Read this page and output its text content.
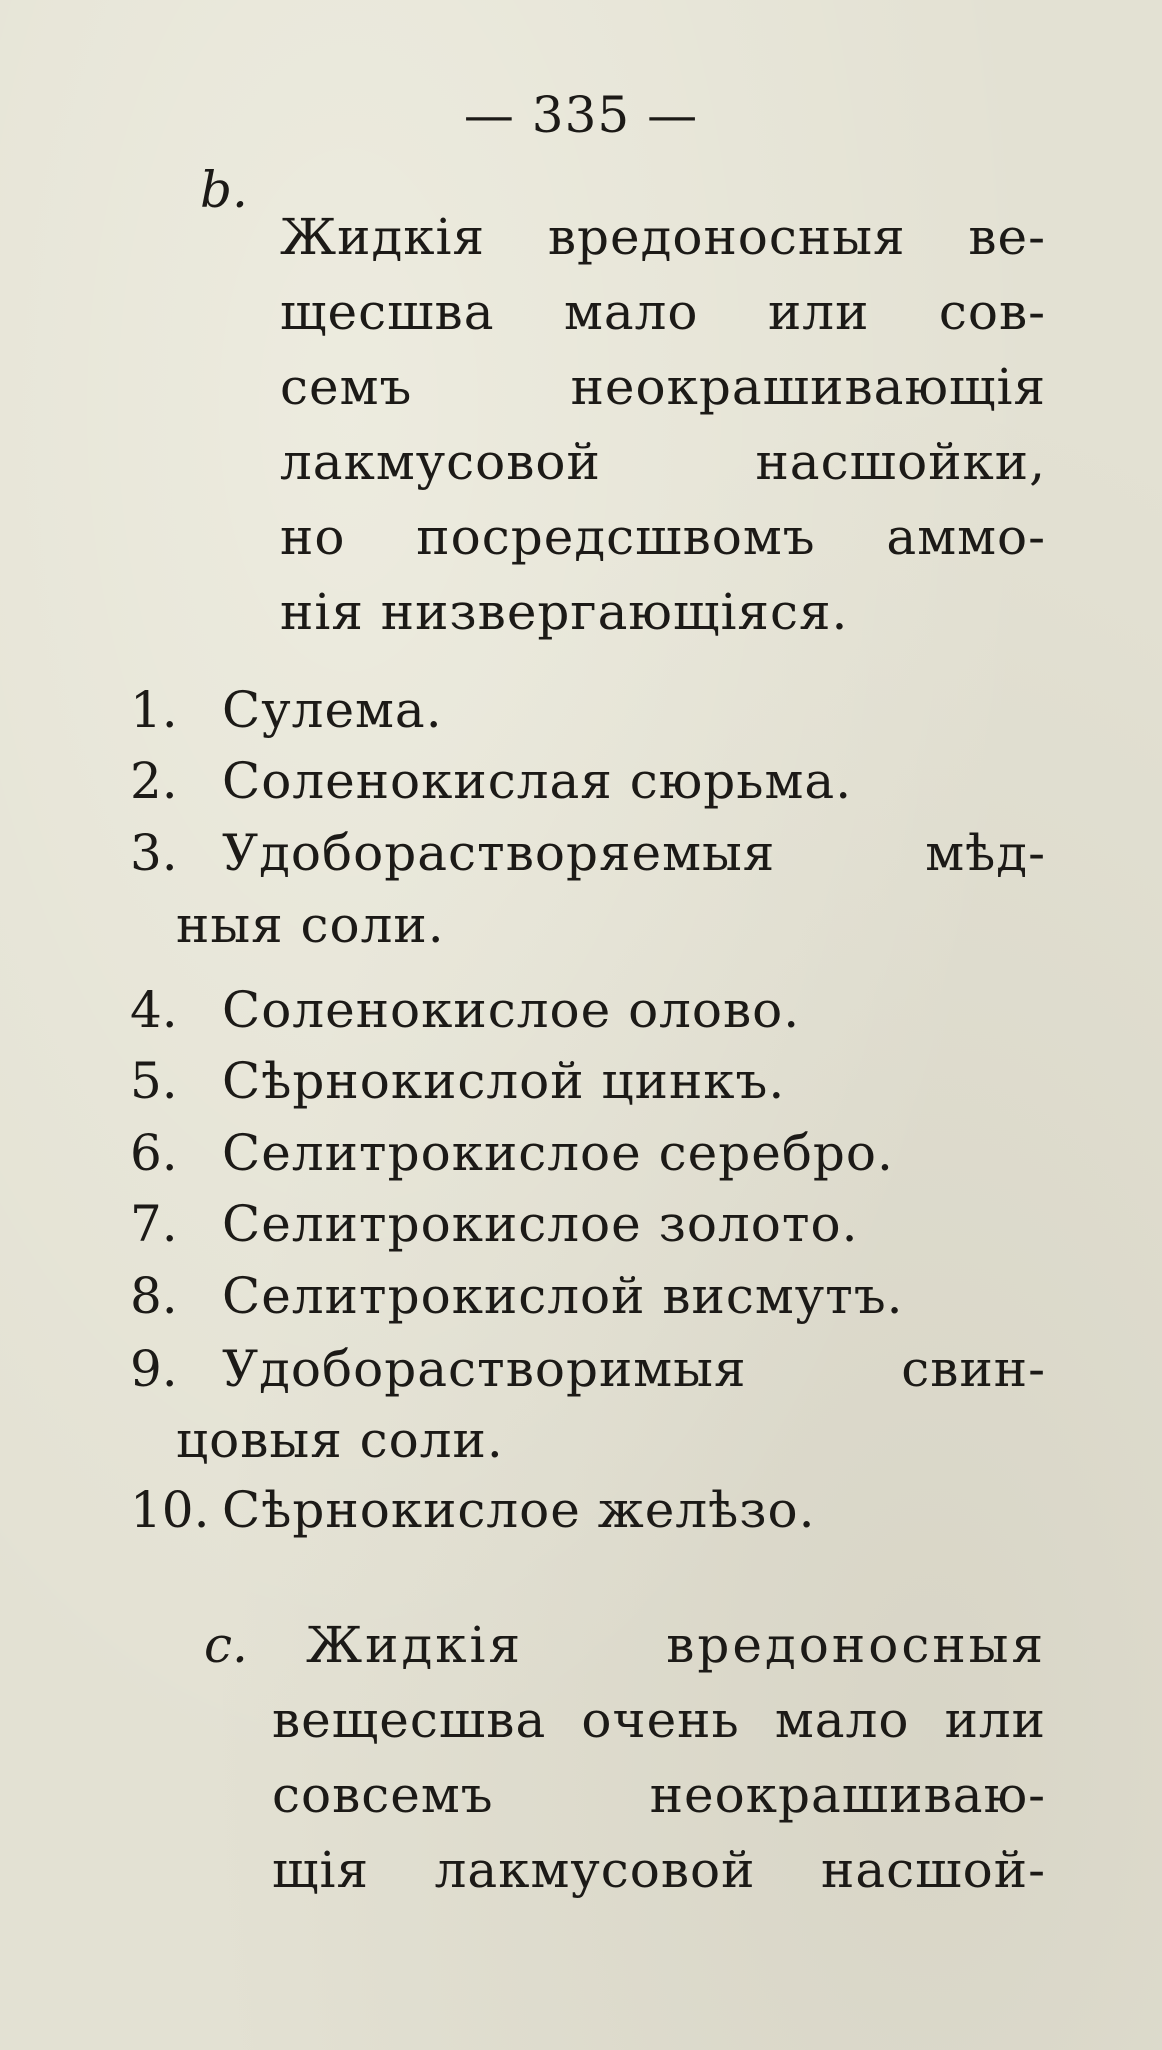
— 335 —
b.
Жидкія вредоносныя ве-
щесшва мало или сов-
семъ неокрашивающія
лакмусовой насшойки,
но посредсшвомъ аммо-
нія низвергающіяся.
1. Сулема.
2. Соленокислая сюрьма.
3. Удоборастворяемыя мѣд-
ныя соли.
4. Соленокислое олово.
5. Сѣрнокислой цинкъ.
6. Селитрокислое серебро.
7. Селитрокислое золото.
8. Селитрокислой висмутъ.
9. Удоборастворимыя свин-
цовыя соли.
10. Сѣрнокислое желѣзо.
c. Жидкія вредоносныя
вещесшва очень мало или
совсемъ неокрашиваю-
щія лакмусовой насшой-
